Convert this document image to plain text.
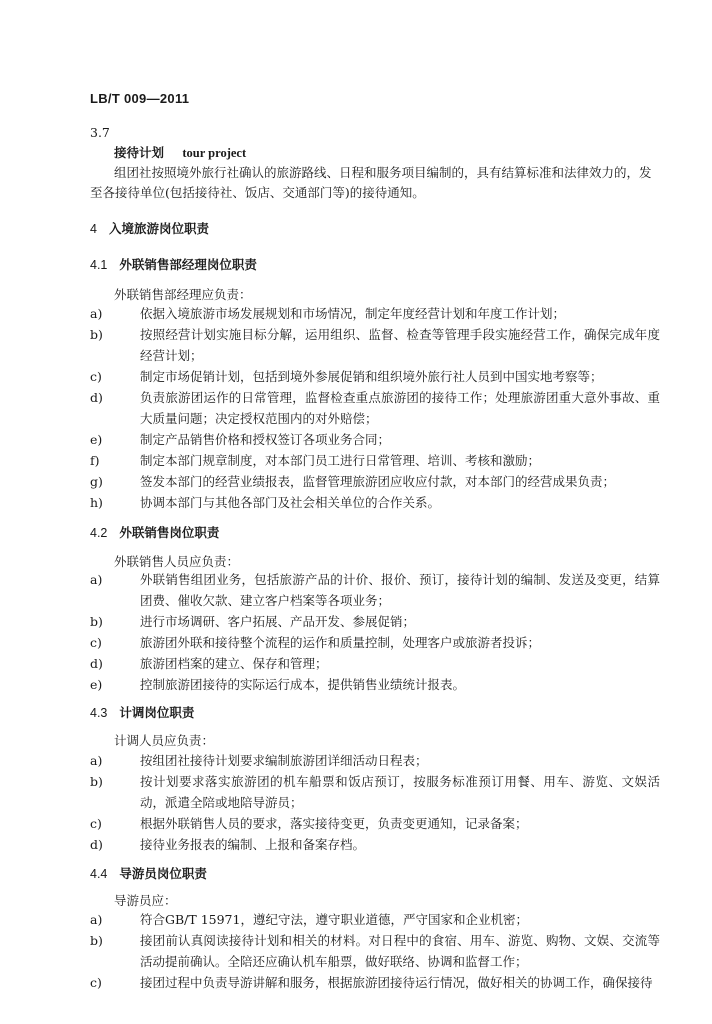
LB/T 009—2011
3.7
接待计划 tour project
组团社按照境外旅行社确认的旅游路线、日程和服务项目编制的，具有结算标准和法律效力的，发
至各接待单位(包括接待社、饭店、交通部门等)的接待通知。
4 入境旅游岗位职责
4.1 外联销售部经理岗位职责
外联销售部经理应负责：
a)	依据入境旅游市场发展规划和市场情况，制定年度经营计划和年度工作计划；
b)	按照经营计划实施目标分解，运用组织、监督、检查等管理手段实施经营工作，确保完成年度经营计划；
c)	制定市场促销计划，包括到境外参展促销和组织境外旅行社人员到中国实地考察等；
d)	负责旅游团运作的日常管理，监督检查重点旅游团的接待工作；处理旅游团重大意外事故、重大质量问题；决定授权范围内的对外赔偿；
e)	制定产品销售价格和授权签订各项业务合同；
f)	制定本部门规章制度，对本部门员工进行日常管理、培训、考核和激励；
g)	签发本部门的经营业绩报表，监督管理旅游团应收应付款，对本部门的经营成果负责；
h)	协调本部门与其他各部门及社会相关单位的合作关系。
4.2 外联销售岗位职责
外联销售人员应负责：
a)	外联销售组团业务，包括旅游产品的计价、报价、预订，接待计划的编制、发送及变更，结算团费、催收欠款、建立客户档案等各项业务；
b)	进行市场调研、客户拓展、产品开发、参展促销；
c)	旅游团外联和接待整个流程的运作和质量控制，处理客户或旅游者投诉；
d)	旅游团档案的建立、保存和管理；
e)	控制旅游团接待的实际运行成本，提供销售业绩统计报表。
4.3 计调岗位职责
计调人员应负责：
a)	按组团社接待计划要求编制旅游团详细活动日程表；
b)	按计划要求落实旅游团的机车船票和饭店预订，按服务标准预订用餐、用车、游览、文娱活动，派遣全陪或地陪导游员；
c)	根据外联销售人员的要求，落实接待变更，负责变更通知，记录备案；
d)	接待业务报表的编制、上报和备案存档。
4.4 导游员岗位职责
导游员应：
a)	符合GB/T 15971，遵纪守法，遵守职业道德，严守国家和企业机密；
b)	接团前认真阅读接待计划和相关的材料。对日程中的食宿、用车、游览、购物、文娱、交流等活动提前确认。全陪还应确认机车船票，做好联络、协调和监督工作；
c)	接团过程中负责导游讲解和服务，根据旅游团接待运行情况，做好相关的协调工作，确保接待
